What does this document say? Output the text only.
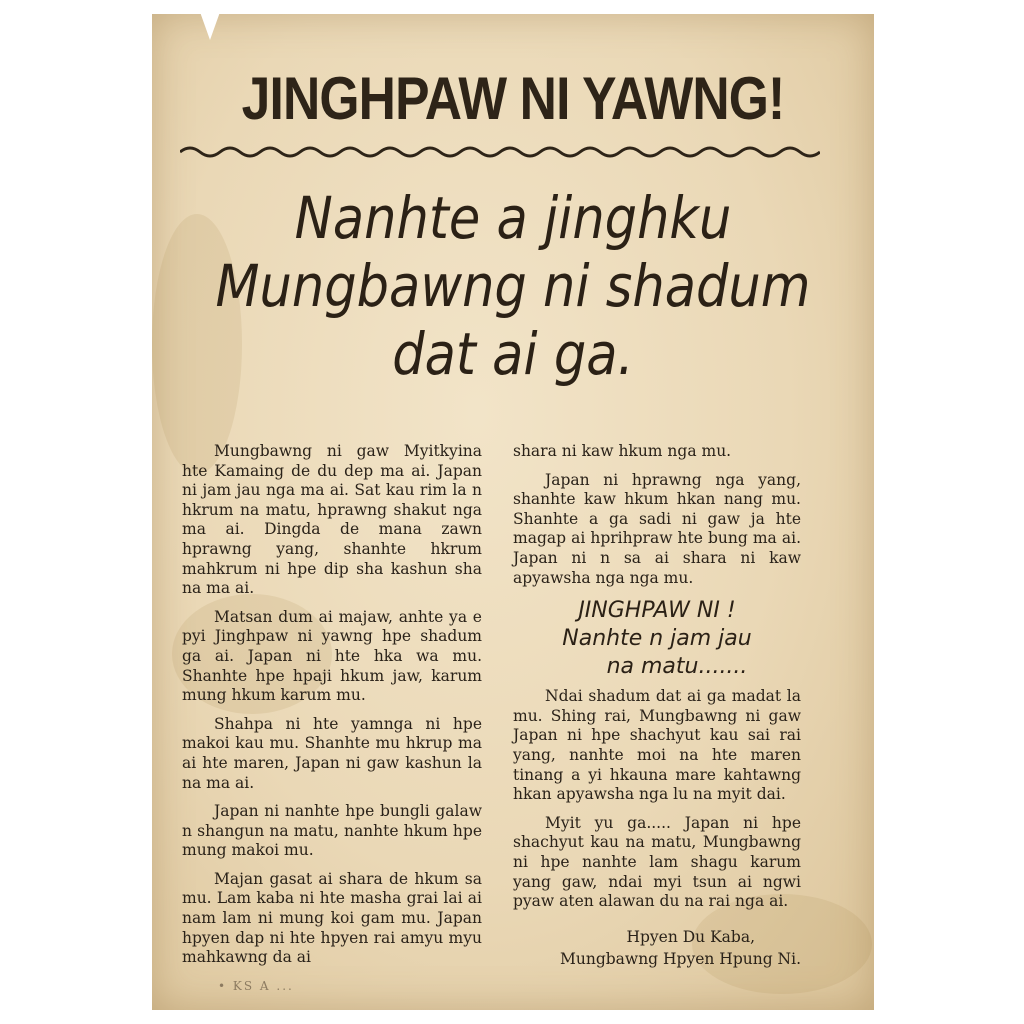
JINGHPAW NI YAWNG!
Nanhte a jinghku
Mungbawng ni shadum
dat ai ga.

Mungbawng ni gaw Myitkyina hte Kamaing de du dep ma ai. Japan ni jam jau nga ma ai. Sat kau rim la n hkrum na matu, hprawng shakut nga ma ai. Dingda de mana zawn hprawng yang, shanhte hkrum mahkrum ni hpe dip sha kashun sha na ma ai.

Matsan dum ai majaw, anhte ya e pyi Jinghpaw ni yawng hpe shadum ga ai. Japan ni hte hka wa mu. Shanhte hpe hpaji hkum jaw, karum mung hkum karum mu.

Shahpa ni hte yamnga ni hpe makoi kau mu. Shanhte mu hkrup ma ai hte maren, Japan ni gaw kashun la na ma ai.

Japan ni nanhte hpe bungli galaw n shangun na matu, nanhte hkum hpe mung makoi mu.

Majan gasat ai shara de hkum sa mu. Lam kaba ni hte masha grai lai ai nam lam ni mung koi gam mu. Japan hpyen dap ni hte hpyen rai amyu myu mahkawng da ai

• KS A ...

shara ni kaw hkum nga mu.

Japan ni hprawng nga yang, shanhte kaw hkum hkan nang mu. Shanhte a ga sadi ni gaw ja hte magap ai hprihpraw hte bung ma ai. Japan ni n sa ai shara ni kaw apyawsha nga nga mu.

JINGHPAW NI !
Nanhte n jam jau
na matu.......

Ndai shadum dat ai ga madat la mu. Shing rai, Mungbawng ni gaw Japan ni hpe shachyut kau sai rai yang, nanhte moi na hte maren tinang a yi hkauna mare kahtawng hkan apyawsha nga lu na myit dai.

Myit yu ga..... Japan ni hpe shachyut kau na matu, Mungbawng ni hpe nanhte lam shagu karum yang gaw, ndai myi tsun ai ngwi pyaw aten alawan du na rai nga ai.

Hpyen Du Kaba,
Mungbawng Hpyen Hpung Ni.
